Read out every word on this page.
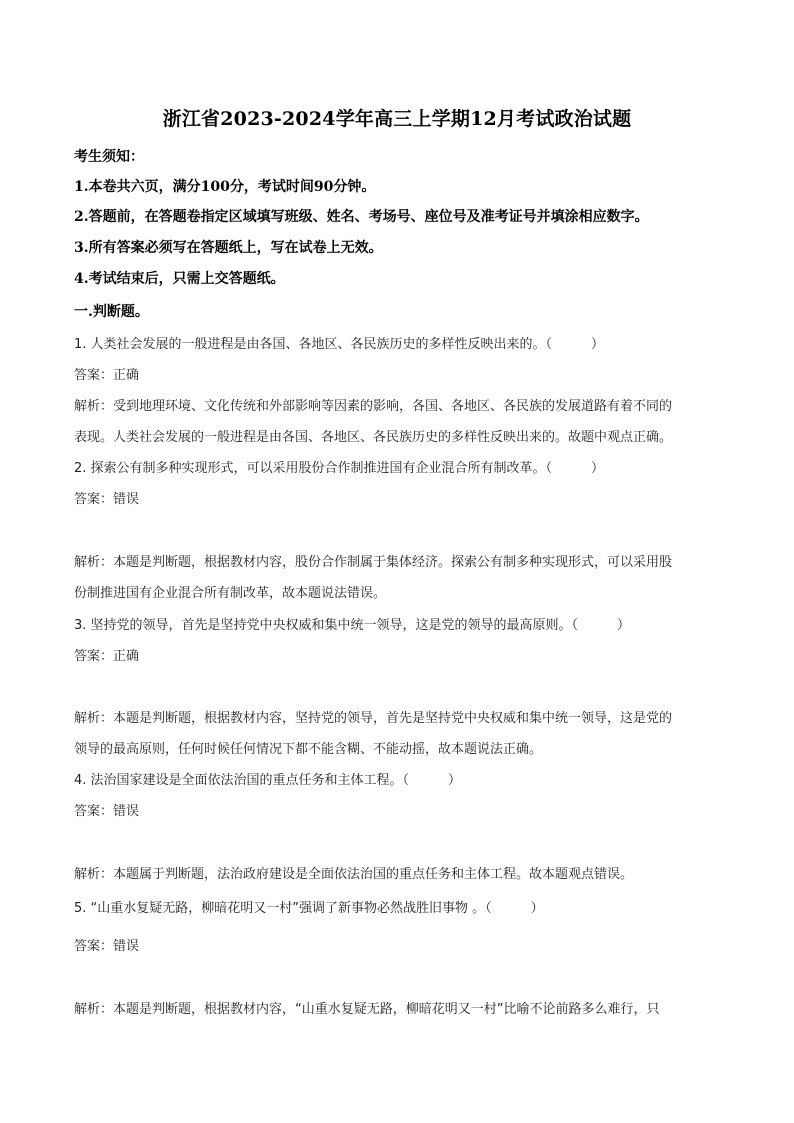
浙江省2023-2024学年高三上学期12月考试政治试题
考生须知：
1.本卷共六页，满分100分，考试时间90分钟。
2.答题前，在答题卷指定区域填写班级、姓名、考场号、座位号及准考证号并填涂相应数字。
3.所有答案必须写在答题纸上，写在试卷上无效。
4.考试结束后，只需上交答题纸。
一.判断题。
1. 人类社会发展的一般进程是由各国、各地区、各民族历史的多样性反映出来的。（　　　）
答案：正确
解析：受到地理环境、文化传统和外部影响等因素的影响，各国、各地区、各民族的发展道路有着不同的
表现。人类社会发展的一般进程是由各国、各地区、各民族历史的多样性反映出来的。故题中观点正确。
2. 探索公有制多种实现形式，可以采用股份合作制推进国有企业混合所有制改革。（　　　）
答案：错误
解析：本题是判断题，根据教材内容，股份合作制属于集体经济。探索公有制多种实现形式，可以采用股
份制推进国有企业混合所有制改革，故本题说法错误。
3. 坚持党的领导，首先是坚持党中央权威和集中统一领导，这是党的领导的最高原则。（　　　）
答案：正确
解析：本题是判断题，根据教材内容，坚持党的领导，首先是坚持党中央权威和集中统一领导，这是党的
领导的最高原则，任何时候任何情况下都不能含糊、不能动摇，故本题说法正确。
4. 法治国家建设是全面依法治国的重点任务和主体工程。（　　　）
答案：错误
解析：本题属于判断题，法治政府建设是全面依法治国的重点任务和主体工程。故本题观点错误。
5. “山重水复疑无路，柳暗花明又一村”强调了新事物必然战胜旧事物 。（　　　）
答案：错误
解析：本题是判断题，根据教材内容，“山重水复疑无路，柳暗花明又一村”比喻不论前路多么难行，只
